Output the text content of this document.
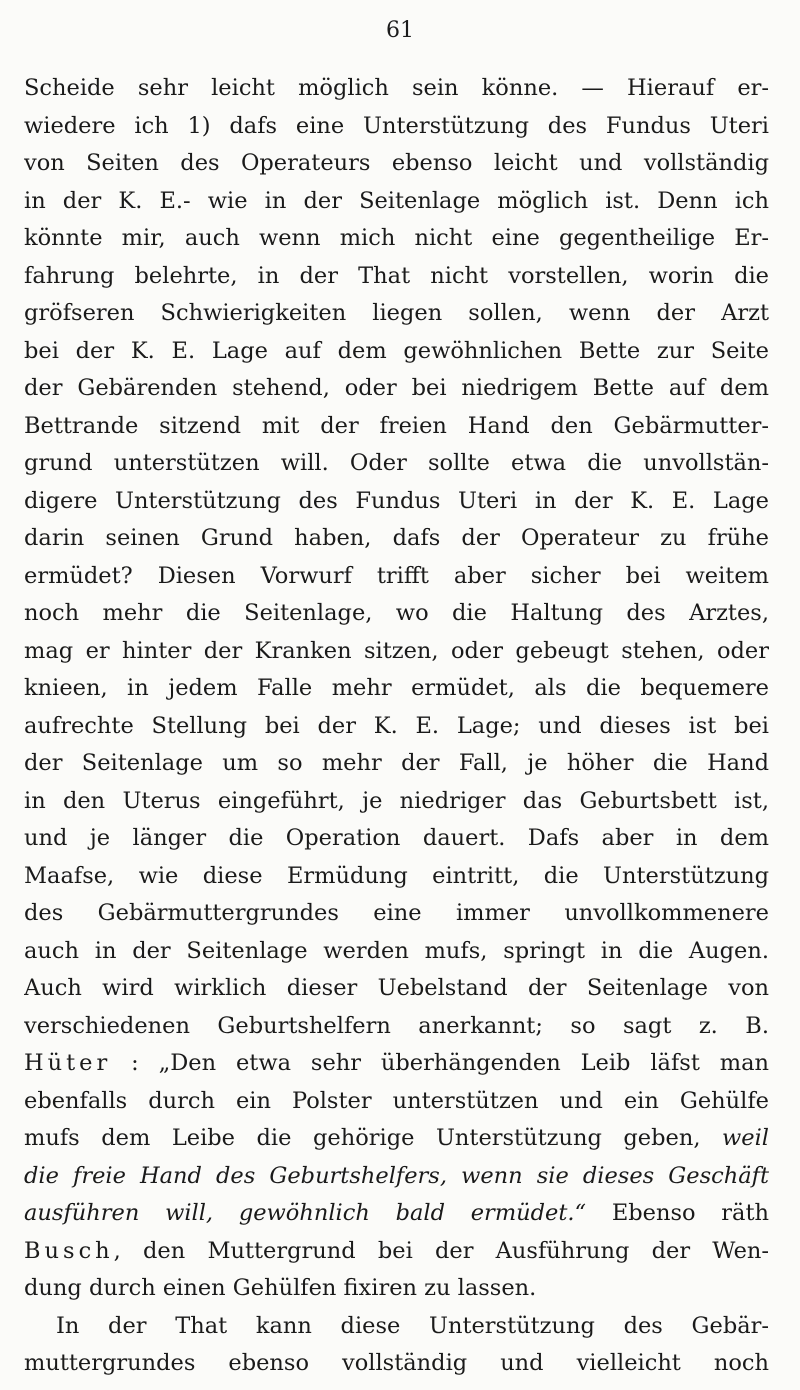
61
Scheide sehr leicht möglich sein könne. — Hierauf er-
wiedere ich 1) dafs eine Unterstützung des Fundus Uteri
von Seiten des Operateurs ebenso leicht und vollständig
in der K. E.- wie in der Seitenlage möglich ist. Denn ich
könnte mir, auch wenn mich nicht eine gegentheilige Er-
fahrung belehrte, in der That nicht vorstellen, worin die
gröfseren Schwierigkeiten liegen sollen, wenn der Arzt
bei der K. E. Lage auf dem gewöhnlichen Bette zur Seite
der Gebärenden stehend, oder bei niedrigem Bette auf dem
Bettrande sitzend mit der freien Hand den Gebärmutter-
grund unterstützen will. Oder sollte etwa die unvollstän-
digere Unterstützung des Fundus Uteri in der K. E. Lage
darin seinen Grund haben, dafs der Operateur zu frühe
ermüdet? Diesen Vorwurf trifft aber sicher bei weitem
noch mehr die Seitenlage, wo die Haltung des Arztes,
mag er hinter der Kranken sitzen, oder gebeugt stehen, oder
knieen, in jedem Falle mehr ermüdet, als die bequemere
aufrechte Stellung bei der K. E. Lage; und dieses ist bei
der Seitenlage um so mehr der Fall, je höher die Hand
in den Uterus eingeführt, je niedriger das Geburtsbett ist,
und je länger die Operation dauert. Dafs aber in dem
Maafse, wie diese Ermüdung eintritt, die Unterstützung
des Gebärmuttergrundes eine immer unvollkommenere
auch in der Seitenlage werden mufs, springt in die Augen.
Auch wird wirklich dieser Uebelstand der Seitenlage von
verschiedenen Geburtshelfern anerkannt; so sagt z. B.
Hüter : „Den etwa sehr überhängenden Leib läfst man
ebenfalls durch ein Polster unterstützen und ein Gehülfe
mufs dem Leibe die gehörige Unterstützung geben, weil
die freie Hand des Geburtshelfers, wenn sie dieses Geschäft
ausführen will, gewöhnlich bald ermüdet.“ Ebenso räth
Busch, den Muttergrund bei der Ausführung der Wen-
dung durch einen Gehülfen fixiren zu lassen.
In der That kann diese Unterstützung des Gebär-
muttergrundes ebenso vollständig und vielleicht noch
